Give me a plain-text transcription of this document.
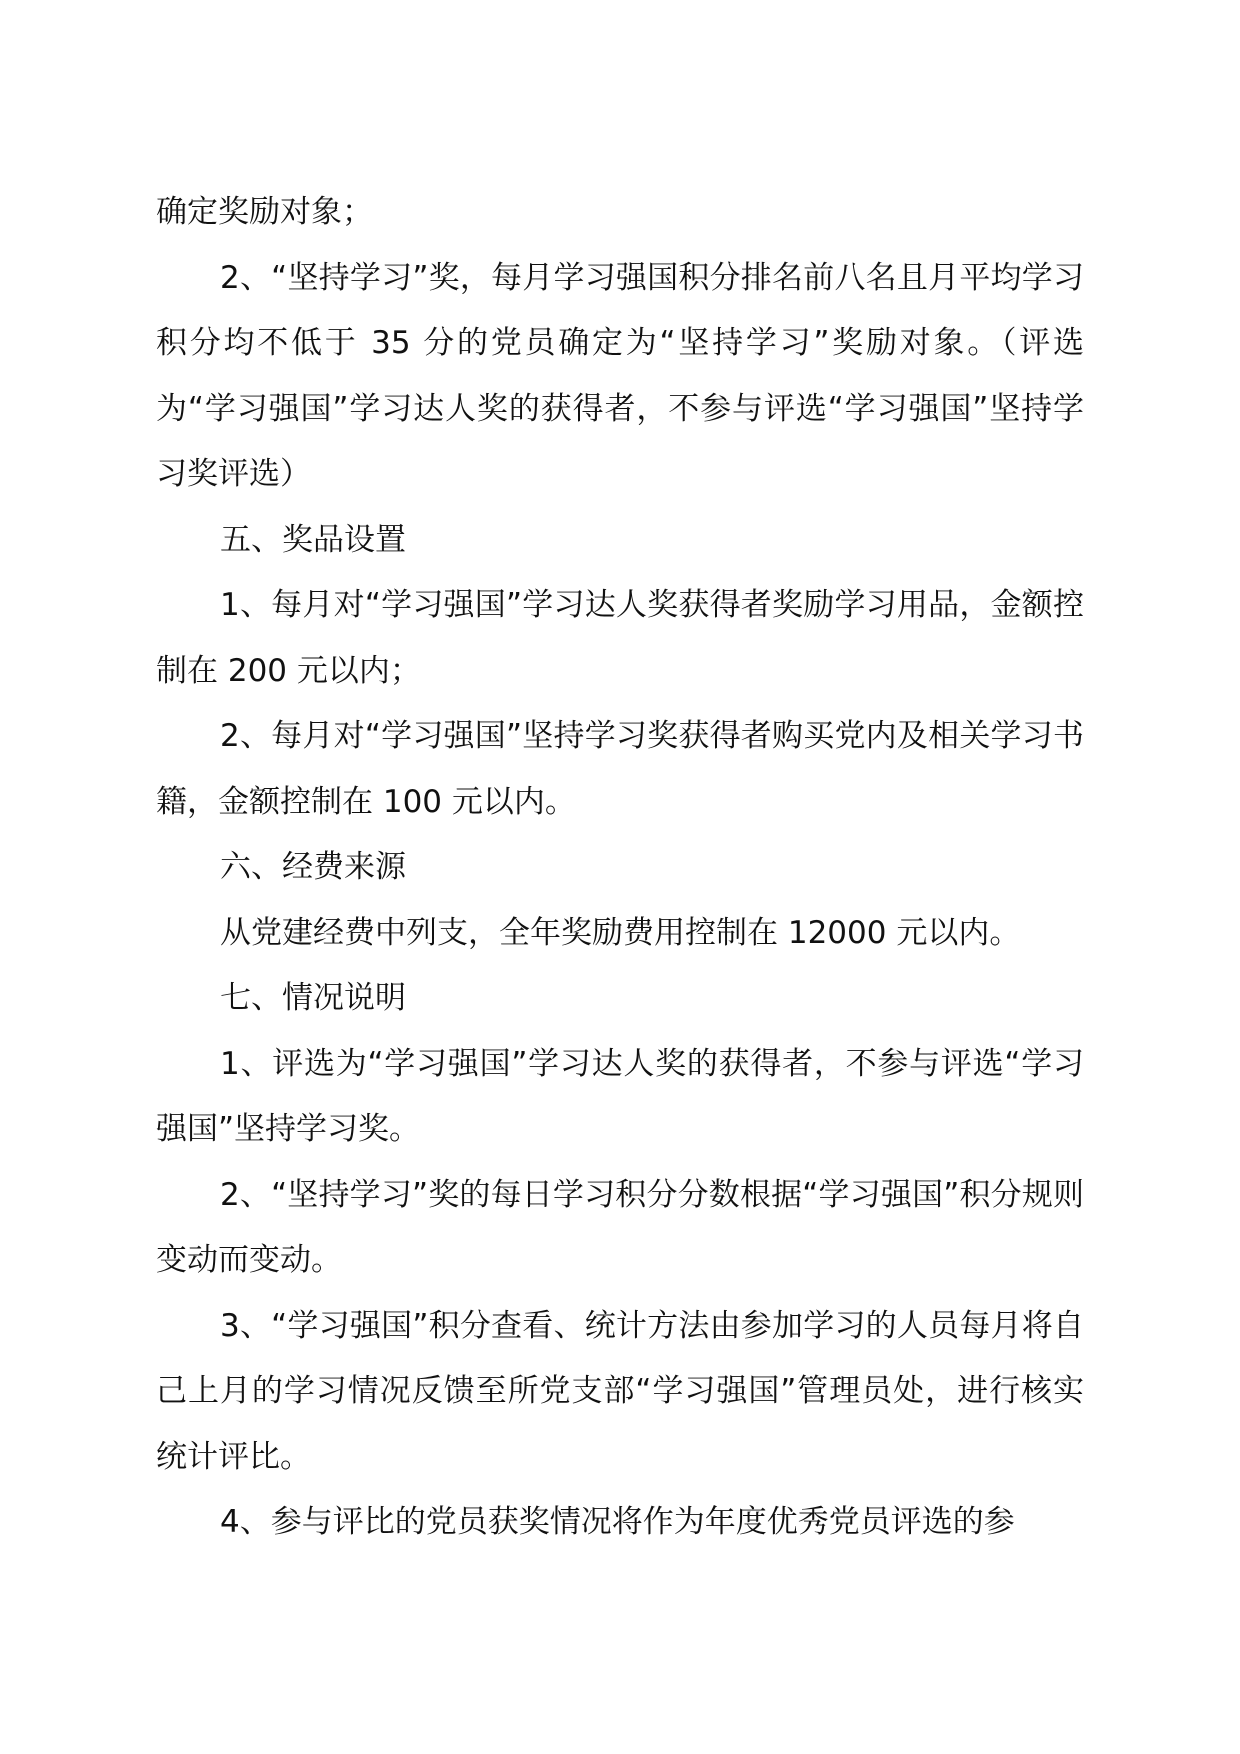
确定奖励对象；

2、“坚持学习”奖，每月学习强国积分排名前八名且月平均学习积分均不低于 35 分的党员确定为“坚持学习”奖励对象。（评选为“学习强国”学习达人奖的获得者，不参与评选“学习强国”坚持学习奖评选）

五、奖品设置

1、每月对“学习强国”学习达人奖获得者奖励学习用品，金额控制在 200 元以内；

2、每月对“学习强国”坚持学习奖获得者购买党内及相关学习书籍，金额控制在 100 元以内。

六、经费来源

从党建经费中列支，全年奖励费用控制在 12000 元以内。

七、情况说明

1、评选为“学习强国”学习达人奖的获得者，不参与评选“学习强国”坚持学习奖。

2、“坚持学习”奖的每日学习积分分数根据“学习强国”积分规则变动而变动。

3、“学习强国”积分查看、统计方法由参加学习的人员每月将自己上月的学习情况反馈至所党支部“学习强国”管理员处，进行核实统计评比。

4、参与评比的党员获奖情况将作为年度优秀党员评选的参
